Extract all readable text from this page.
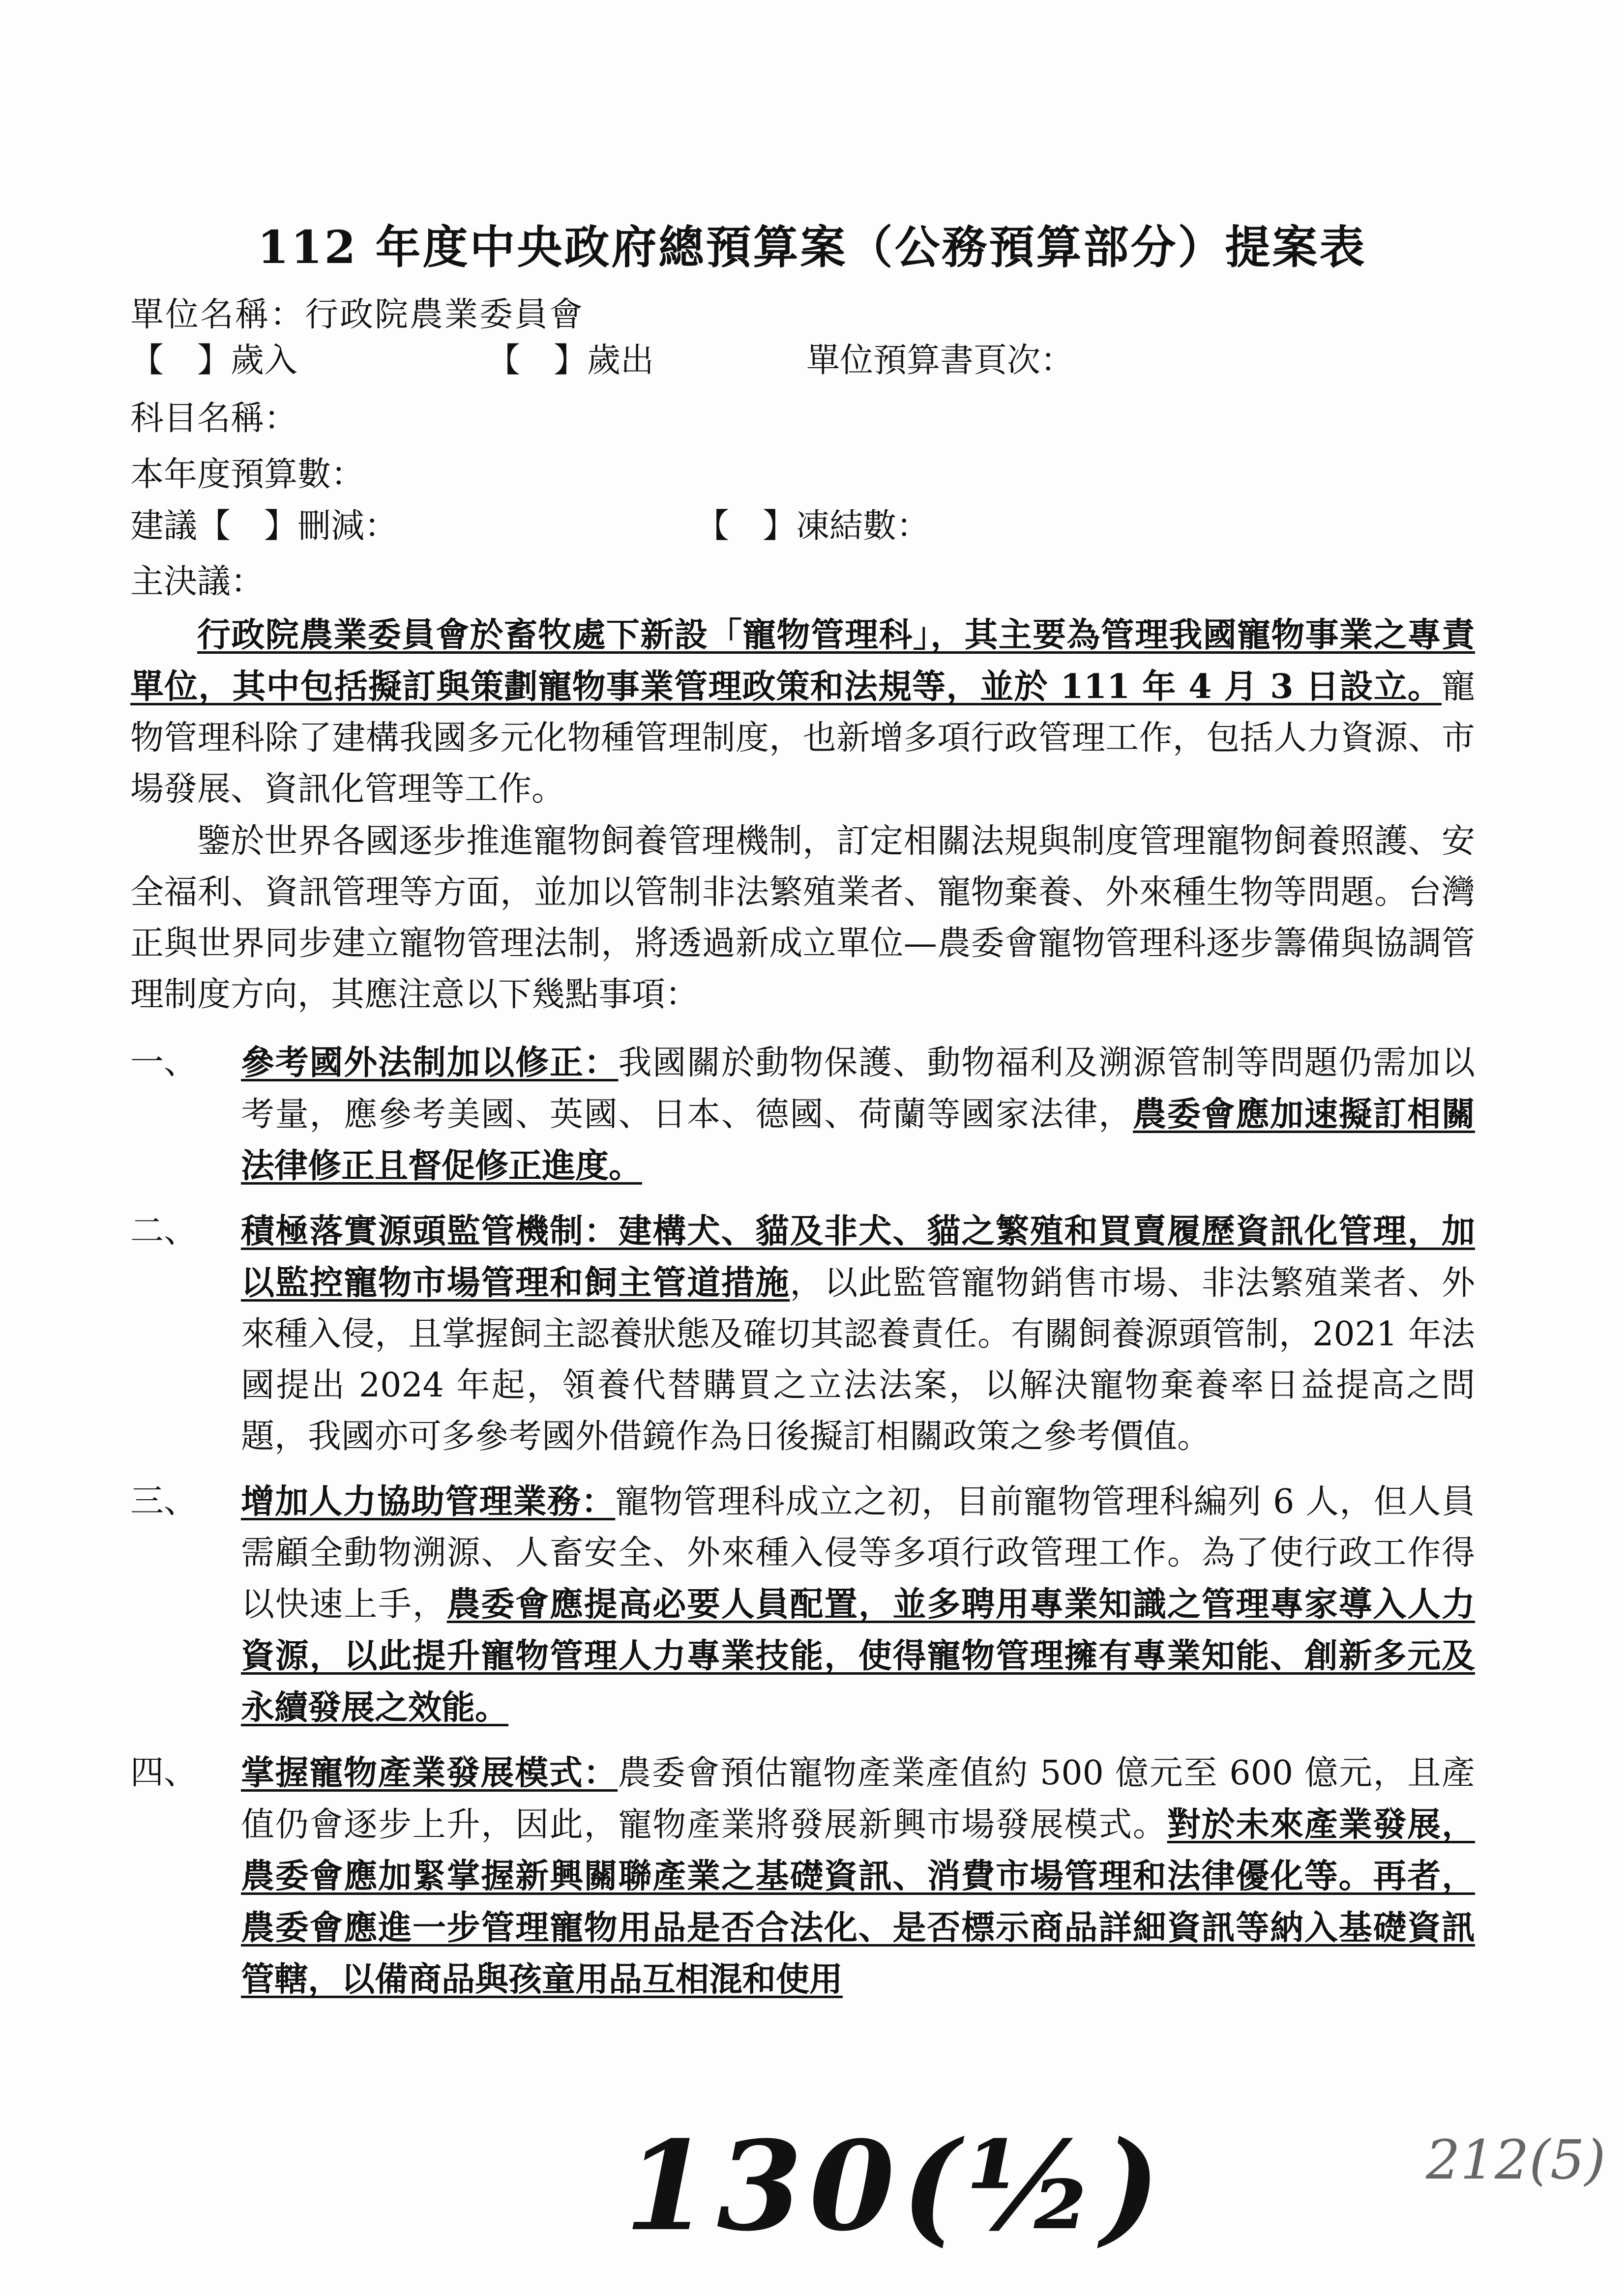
112 年度中央政府總預算案（公務預算部分）提案表
單位名稱：行政院農業委員會
【　】歲入	【　】歲出	單位預算書頁次：
科目名稱：
本年度預算數：
建議【　】刪減：	【　】凍結數：
主決議：
行政院農業委員會於畜牧處下新設「寵物管理科」，其主要為管理我國寵物事業之專責單位，其中包括擬訂與策劃寵物事業管理政策和法規等，並於 111 年 4 月 3 日設立。寵物管理科除了建構我國多元化物種管理制度，也新增多項行政管理工作，包括人力資源、市場發展、資訊化管理等工作。
鑒於世界各國逐步推進寵物飼養管理機制，訂定相關法規與制度管理寵物飼養照護、安全福利、資訊管理等方面，並加以管制非法繁殖業者、寵物棄養、外來種生物等問題。台灣正與世界同步建立寵物管理法制，將透過新成立單位—農委會寵物管理科逐步籌備與協調管理制度方向，其應注意以下幾點事項：
一、	參考國外法制加以修正：我國關於動物保護、動物福利及溯源管制等問題仍需加以考量，應參考美國、英國、日本、德國、荷蘭等國家法律，農委會應加速擬訂相關法律修正且督促修正進度。
二、	積極落實源頭監管機制：建構犬、貓及非犬、貓之繁殖和買賣履歷資訊化管理，加以監控寵物市場管理和飼主管道措施，以此監管寵物銷售市場、非法繁殖業者、外來種入侵，且掌握飼主認養狀態及確切其認養責任。有關飼養源頭管制，2021 年法國提出 2024 年起，領養代替購買之立法法案，以解決寵物棄養率日益提高之問題，我國亦可多參考國外借鏡作為日後擬訂相關政策之參考價值。
三、	增加人力協助管理業務：寵物管理科成立之初，目前寵物管理科編列 6 人，但人員需顧全動物溯源、人畜安全、外來種入侵等多項行政管理工作。為了使行政工作得以快速上手，農委會應提高必要人員配置，並多聘用專業知識之管理專家導入人力資源，以此提升寵物管理人力專業技能，使得寵物管理擁有專業知能、創新多元及永續發展之效能。
四、	掌握寵物產業發展模式：農委會預估寵物產業產值約 500 億元至 600 億元，且產值仍會逐步上升，因此，寵物產業將發展新興市場發展模式。對於未來產業發展，農委會應加緊掌握新興關聯產業之基礎資訊、消費市場管理和法律優化等。再者，農委會應進一步管理寵物用品是否合法化、是否標示商品詳細資訊等納入基礎資訊管轄，以備商品與孩童用品互相混和使用
130(½)	212(5)
